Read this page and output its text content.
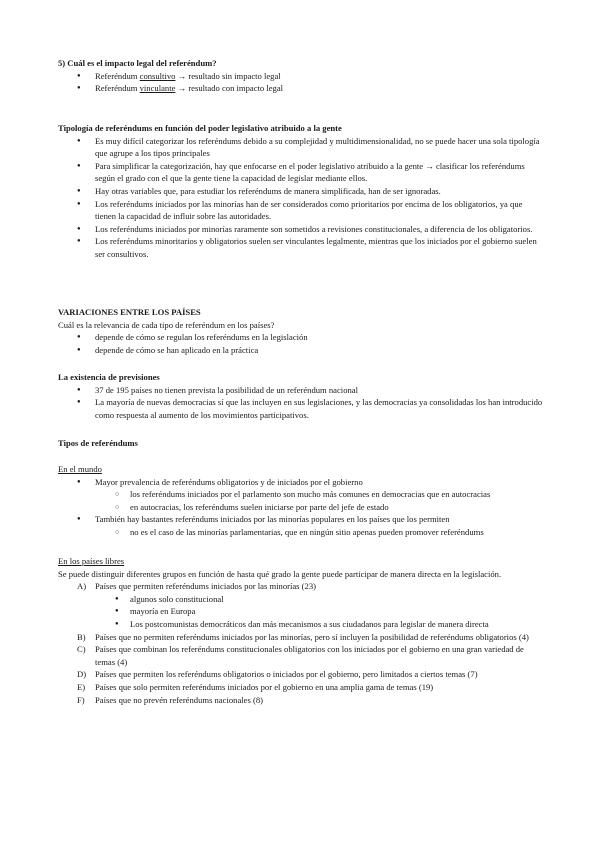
5) Cuál es el impacto legal del referéndum?
● Referéndum consultivo → resultado sin impacto legal
● Referéndum vinculante → resultado con impacto legal
Tipología de referéndums en función del poder legislativo atribuido a la gente
● Es muy difícil categorizar los referéndums debido a su complejidad y multidimensionalidad, no se puede hacer una sola tipología que agrupe a los tipos principales
● Para simplificar la categorización, hay que enfocarse en el poder legislativo atribuido a la gente → clasificar los referéndums según el grado con el que la gente tiene la capacidad de legislar mediante ellos.
● Hay otras variables que, para estudiar los referéndums de manera simplificada, han de ser ignoradas.
● Los referéndums iniciados por las minorías han de ser considerados como prioritarios por encima de los obligatorios, ya que tienen la capacidad de influir sobre las autoridades.
● Los referéndums iniciados por minorías raramente son sometidos a revisiones constitucionales, a diferencia de los obligatorios.
● Los referéndums minoritarios y obligatorios suelen ser vinculantes legalmente, mientras que los iniciados por el gobierno suelen ser consultivos.
VARIACIONES ENTRE LOS PAÍSES
Cuál es la relevancia de cada tipo de referéndum en los países?
● depende de cómo se regulan los referéndums en la legislación
● depende de cómo se han aplicado en la práctica
La existencia de previsiones
● 37 de 195 países no tienen prevista la posibilidad de un referéndum nacional
● La mayoría de nuevas democracias sí que las incluyen en sus legislaciones, y las democracias ya consolidadas los han introducido como respuesta al aumento de los movimientos participativos.
Tipos de referéndums
En el mundo
● Mayor prevalencia de referéndums obligatorios y de iniciados por el gobierno
○ los referéndums iniciados por el parlamento son mucho más comunes en democracias que en autocracias
○ en autocracias, los referéndums suelen iniciarse por parte del jefe de estado
● También hay bastantes referéndums iniciados por las minorías populares en los países que los permiten
○ no es el caso de las minorías parlamentarias, que en ningún sitio apenas pueden promover referéndums
En los países libres
Se puede distinguir diferentes grupos en función de hasta qué grado la gente puede participar de manera directa en la legislación.
A) Países que permiten referéndums iniciados por las minorías (23)
● algunos solo constitucional
● mayoría en Europa
● Los postcomunistas democráticos dan más mecanismos a sus ciudadanos para legislar de manera directa
B) Países que no permiten referéndums iniciados por las minorías, pero sí incluyen la posibilidad de referéndums obligatorios (4)
C) Países que combinan los referéndums constitucionales obligatorios con los iniciados por el gobierno en una gran variedad de temas (4)
D) Países que permiten los referéndums obligatorios o iniciados por el gobierno, pero limitados a ciertos temas (7)
E) Países que solo permiten referéndums iniciados por el gobierno en una amplia gama de temas (19)
F) Países que no prevén referéndums nacionales (8)
